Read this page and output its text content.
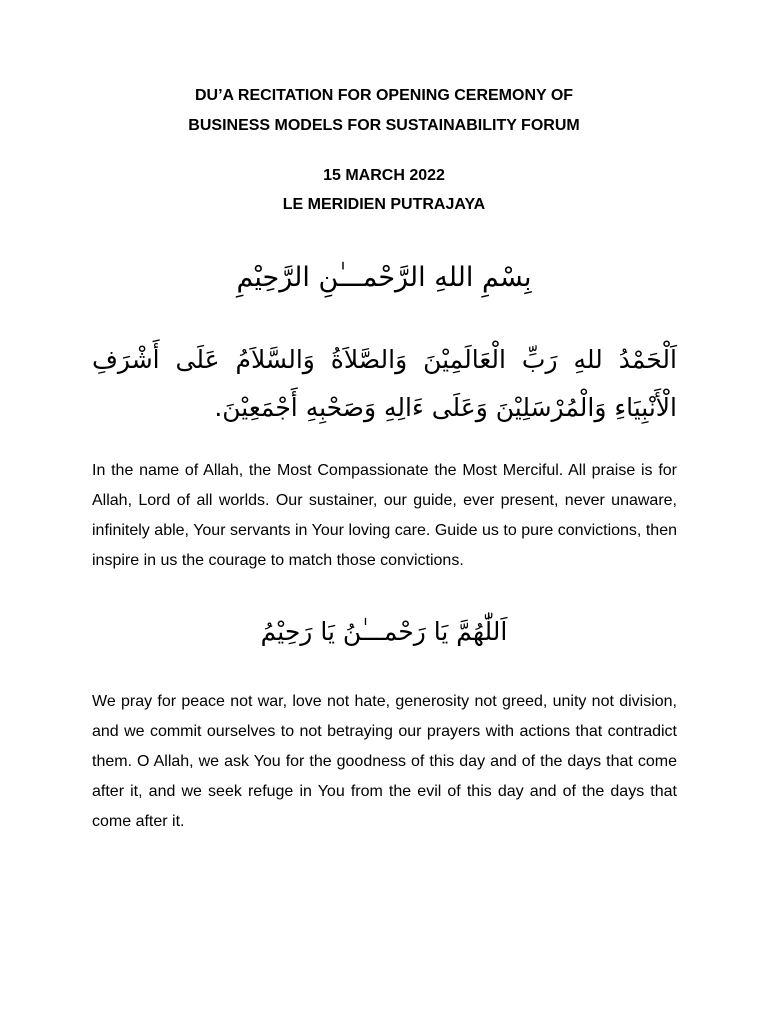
DU’A RECITATION FOR OPENING CEREMONY OF
BUSINESS MODELS FOR SUSTAINABILITY FORUM

15 MARCH 2022

LE MERIDIEN PUTRAJAYA

بِسْمِ اللهِ الرَّحْمـــٰنِ الرَّحِيْمِ

اَلْحَمْدُ للهِ رَبِّ الْعَالَمِيْنَ وَالصَّلاَةُ وَالسَّلاَمُ عَلَى أَشْرَفِ الْأَنْبِيَاءِ وَالْمُرْسَلِيْنَ وَعَلَى ءَالِهِ وَصَحْبِهِ أَجْمَعِيْنَ.

In the name of Allah, the Most Compassionate the Most Merciful. All praise is for Allah, Lord of all worlds. Our sustainer, our guide, ever present, never unaware, infinitely able, Your servants in Your loving care. Guide us to pure convictions, then inspire in us the courage to match those convictions.

اَللّٰهُمَّ يَا رَحْمـــٰنُ يَا رَحِيْمُ

We pray for peace not war, love not hate, generosity not greed, unity not division, and we commit ourselves to not betraying our prayers with actions that contradict them. O Allah, we ask You for the goodness of this day and of the days that come after it, and we seek refuge in You from the evil of this day and of the days that come after it.
